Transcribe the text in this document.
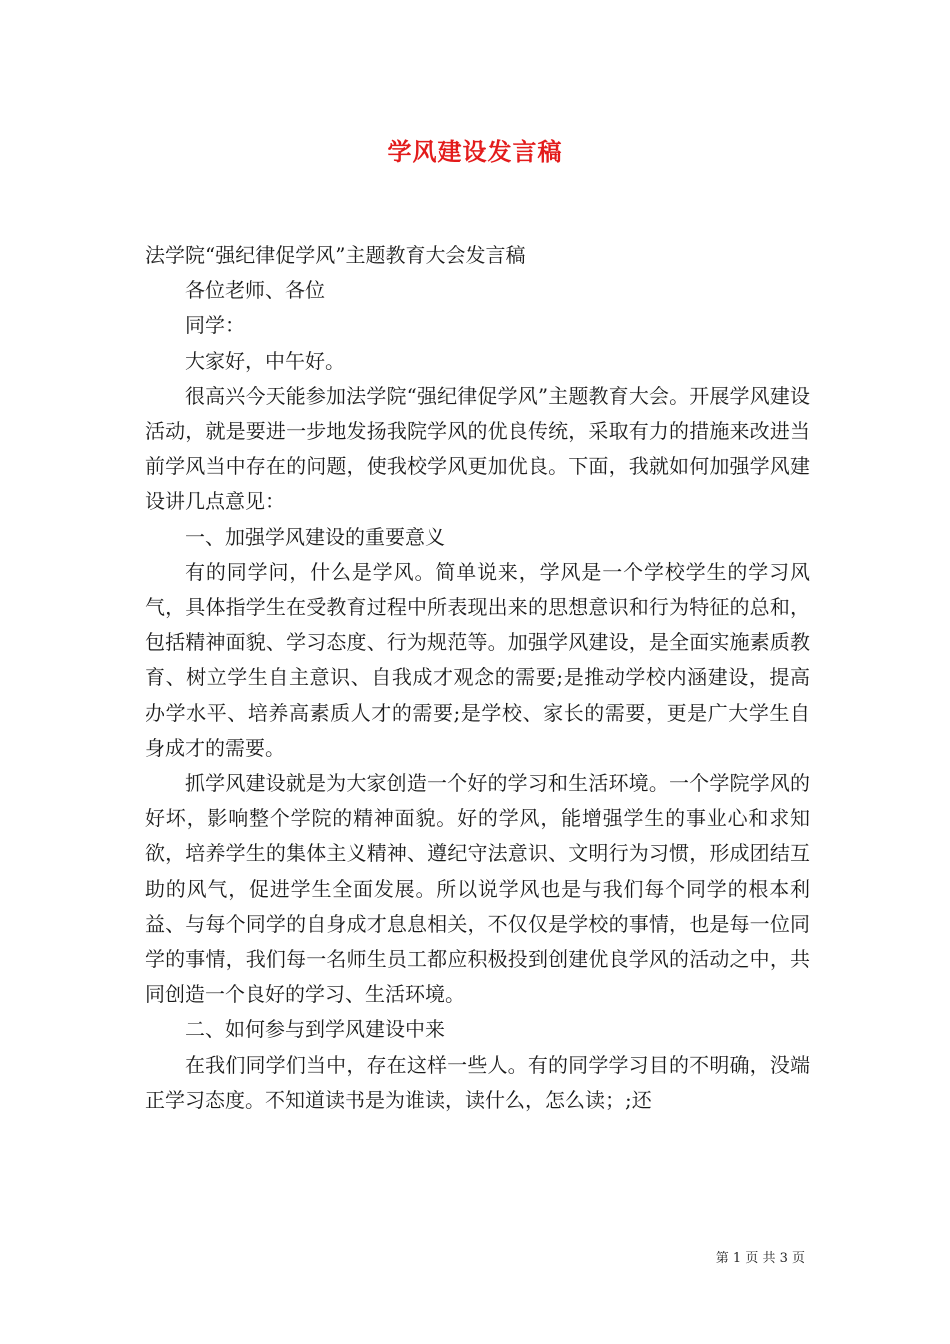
学风建设发言稿

法学院“强纪律促学风”主题教育大会发言稿

各位老师、各位

同学：

大家好，中午好。

很高兴今天能参加法学院“强纪律促学风”主题教育大会。开展学风建设活动，就是要进一步地发扬我院学风的优良传统，采取有力的措施来改进当前学风当中存在的问题，使我校学风更加优良。下面，我就如何加强学风建设讲几点意见：

一、加强学风建设的重要意义

有的同学问，什么是学风。简单说来，学风是一个学校学生的学习风气，具体指学生在受教育过程中所表现出来的思想意识和行为特征的总和，包括精神面貌、学习态度、行为规范等。加强学风建设，是全面实施素质教育、树立学生自主意识、自我成才观念的需要;是推动学校内涵建设，提高办学水平、培养高素质人才的需要;是学校、家长的需要，更是广大学生自身成才的需要。

抓学风建设就是为大家创造一个好的学习和生活环境。一个学院学风的好坏，影响整个学院的精神面貌。好的学风，能增强学生的事业心和求知欲，培养学生的集体主义精神、遵纪守法意识、文明行为习惯，形成团结互助的风气，促进学生全面发展。所以说学风也是与我们每个同学的根本利益、与每个同学的自身成才息息相关，不仅仅是学校的事情，也是每一位同学的事情，我们每一名师生员工都应积极投到创建优良学风的活动之中，共同创造一个良好的学习、生活环境。

二、如何参与到学风建设中来

在我们同学们当中，存在这样一些人。有的同学学习目的不明确，没端正学习态度。不知道读书是为谁读，读什么，怎么读；;还

第 1 页 共 3 页
